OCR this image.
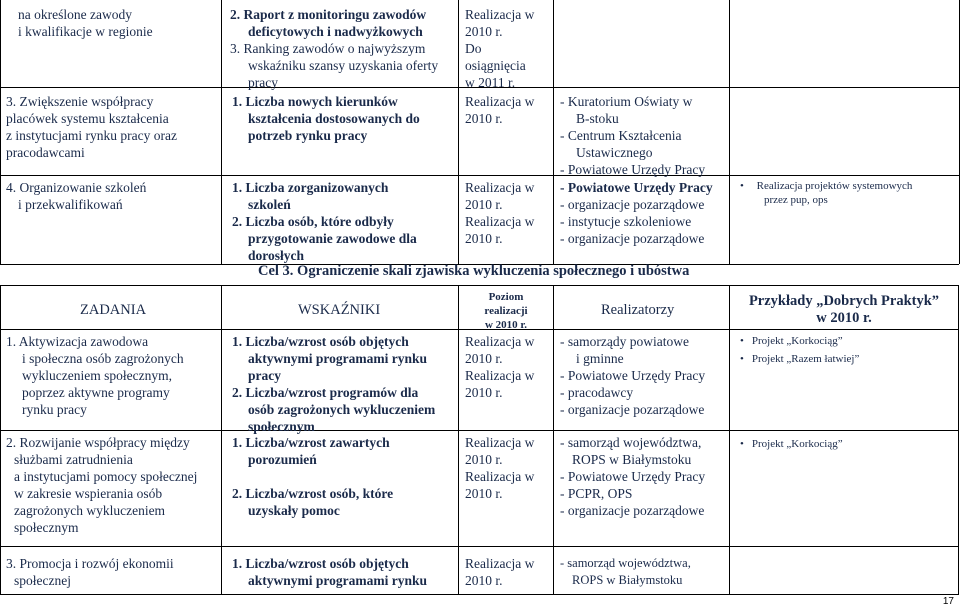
na określone zawody
i kwalifikacje w regionie
2. Raport z monitoringu zawodów
deficytowych i nadwyżkowych
3. Ranking zawodów o najwyższym
wskaźniku szansy uzyskania oferty
pracy
Realizacja w
2010 r.
Do
osiągnięcia
w 2011 r.
3. Zwiększenie współpracy
placówek systemu kształcenia
z instytucjami rynku pracy oraz
pracodawcami
1. Liczba nowych kierunków
kształcenia dostosowanych do
potrzeb rynku pracy
Realizacja w
2010 r.
- Kuratorium Oświaty w
B-stoku
- Centrum Kształcenia
Ustawicznego
- Powiatowe Urzędy Pracy
4. Organizowanie szkoleń
i przekwalifikowań
1. Liczba zorganizowanych
szkoleń
2. Liczba osób, które odbyły
przygotowanie zawodowe dla
dorosłych
Realizacja w
2010 r.
Realizacja w
2010 r.
- Powiatowe Urzędy Pracy
- organizacje pozarządowe
- instytucje szkoleniowe
- organizacje pozarządowe
• Realizacja projektów systemowych
przez pup, ops
Cel 3. Ograniczenie skali zjawiska wykluczenia społecznego i ubóstwa
ZADANIA	WSKAŹNIKI
Poziom
realizacji
w 2010 r.
Realizatorzy
Przykłady „Dobrych Praktyk”
w 2010 r.
1. Aktywizacja zawodowa
i społeczna osób zagrożonych
wykluczeniem społecznym,
poprzez aktywne programy
rynku pracy
1. Liczba/wzrost osób objętych
aktywnymi programami rynku
pracy
2. Liczba/wzrost programów dla
osób zagrożonych wykluczeniem
społecznym
Realizacja w
2010 r.
Realizacja w
2010 r.
- samorządy powiatowe
i gminne
- Powiatowe Urzędy Pracy
- pracodawcy
- organizacje pozarządowe
• Projekt „Korkociąg”
• Projekt „Razem łatwiej”
2. Rozwijanie współpracy między
służbami zatrudnienia
a instytucjami pomocy społecznej
w zakresie wspierania osób
zagrożonych wykluczeniem
społecznym
1. Liczba/wzrost zawartych
porozumień
2. Liczba/wzrost osób, które
uzyskały pomoc
Realizacja w
2010 r.
Realizacja w
2010 r.
- samorząd województwa,
ROPS w Białymstoku
- Powiatowe Urzędy Pracy
- PCPR, OPS
- organizacje pozarządowe
• Projekt „Korkociąg”
3. Promocja i rozwój ekonomii
społecznej
1. Liczba/wzrost osób objętych
aktywnymi programami rynku
Realizacja w
2010 r.
- samorząd województwa,
ROPS w Białymstoku
17
